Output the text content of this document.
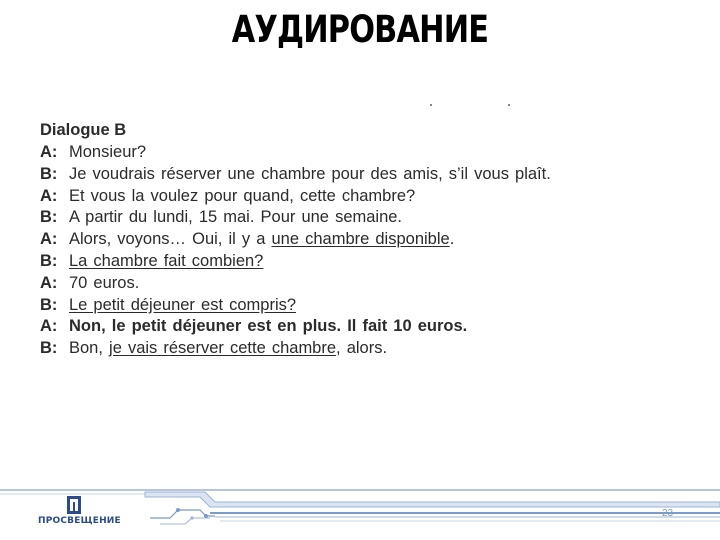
АУДИРОВАНИЕ
Dialogue B
A: Monsieur?
B: Je voudrais réserver une chambre pour des amis, s’il vous plaît.
A: Et vous la voulez pour quand, cette chambre?
B: A partir du lundi, 15 mai. Pour une semaine.
A: Alors, voyons… Oui, il y a une chambre disponible.
B: La chambre fait combien?
A: 70 euros.
B: Le petit déjeuner est compris?
A: Non, le petit déjeuner est en plus. Il fait 10 euros.
B: Bon, je vais réserver cette chambre, alors.
ПРОСВЕЩЕНИЕ
23
